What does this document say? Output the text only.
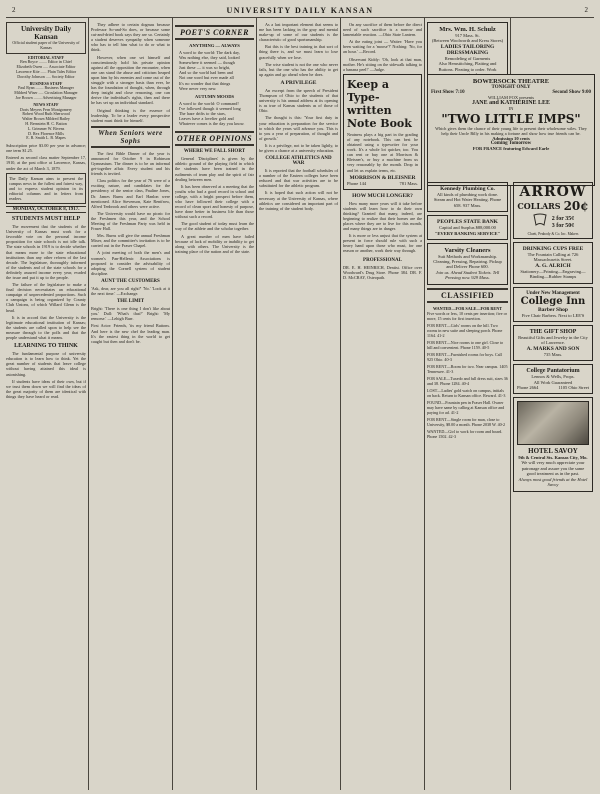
2	UNIVERSITY DAILY KANSAN	2
University Daily Kansan
Official student paper of the University of Kansas
EDITORIAL STAFF
Ben Boyce ........ Editor in Chief
Elizabeth Owen ..... Associate Editor
Lawrence Kite ...... Plain Tales Editor
Dorothy Johnson ..... Society Editor
BUSINESS STAFF
Paul Ryan ........ Business Manager
Mildred Wiser ..... Circulation Manager
Joe Brown ........ Advertising Manager
NEWS STAFF
Doris Meyers Fern Montgomery
Robert Wood Ruth Sherwood
Walter Brown Mildred Bailey
H. Bernstein H. C. Batton
L. Grimmer W. Bivens
D. Rex Florence Mills
E. R. Smith L. B. Mapes
Subscription price $3.00 per year in advance; one term $1.25.
Entered as second class matter September 17, 1910, at the post office at Lawrence, Kansas, under the act of March 3, 1879.
The Daily Kansan aims to present the campus news in the fullest and fairest way, and to express student opinion in its editorial columns and in letters from readers.
MONDAY, OCTOBER 8, 1917.
STUDENTS MUST HELP

The movement that the students of the University of Kansas must work for a favorable vote on the personal income proposition for state schools is not idle talk. The state schools in 1919 is to decide whether that means more to the state educational institutions than any other reform of the last decade. The legislature, thoroughly informed of the students and of the state schools for a definitely assured income every year, evaded the issue and put it up to the people.

The failure of the legislature to make a final decision necessitates an educational campaign of unprecedented proportions. Such a campaign is being organized by County Club Unions, of which Willard Glenn is the head.

It is in accord that the University is the legitimate educational institution of Kansas; the students are called upon to help see the measure through to the polls and that the people understand what it means.

LEARNING TO THINK

The fundamental purpose of university education is to learn how to think. Yet the great number of students that leave college without having attained this ideal is astonishing.

If students have ideas of their own, but if we trust them down we will find the ideas of the great majority of them are identical with things they have heard or read.

They adhere to certain dogmas because Professor So-and-So does, or because some cut-and-dried book says they are so. Certainly a student deserves sympathy when someone who has to tell him what to do or what to think.

However, when one set himself and conscientiously hold his private opinion against all the opposition the encounter, when one can stand the abuse and criticism heaped upon him by his enemies and come out of the struggle with a stronger basis than ever, he has the foundation of thought, when, through deep insight and close reasoning, one can derive the individual's rights, then and there he has set up an individual standard.

Original thinking is the essence of leadership. To be a leader every prospective student must think for himself.

When Seniors were Sophs

The first Bible Dinner of the year is announced for October 9 in Robinson Gymnasium. The dinner is to be an informal get-together affair. Every student and his friends is invited.

Class politics for the year of 76 were of a exciting nature, and candidates for the presidency of the senior class, Pauline Jones, Dr. James Burns and Earl Hanlon were mentioned. Alice Stevenson, Kate Rentfrow, Alfred Tenbrook and others were active.

The University would have no picnic for the Freshmen this year, and the School Meeting of the Freshman Party was held in Fraser Hall.

Mrs. Burns will give the annual Freshman Mixer, and the committee's invitation is to be carried out in the Fraser Chapel.

A joint meeting of both the men's and women's Pan-Hellenic Associations is proposed to consider the advisability of adopting the Cornell system of student discipline.

AUNT THE CUSTOMERS
'Ask, dear, are you all right?' 'No.' 'Look at it the next time.' —Exchange.
THE LIMIT
Bright: 'There is one thing I don't like about you.' Dull: 'What's that?' Bright: 'My remorse.' —Lehigh Burr.
First Actor: Friends, 'tis my friend Buttons. And here is the new chef the leading man. It's the easiest thing in the world to get caught but then and don't be.
POET'S CORNER
ANYTHING — ALWAYS
A word to the world: The dark day,
Was nothing else, they said, looked
Somewhere it seemed — though
Just these — it was so bright,
And so the world had been and
Not one word but ever made all
It's no wonder that that things
Were never very new.
AUTUMN MOODS
A word to the world: O command!
I've followed though it seemed long
The haze drifts to the stars,
Leaves have a lovelier gold and
Whatever comes is the day you know.
OTHER OPINIONS
WHERE WE FALL SHORT

General 'Disciplines' is given by the athletic ground of the playing field in which the students have been trained in the rudiments of team play and the spirit of fair dealing between men.

It has been observed at a meeting that the youths who had a good record in school and college, with a bright prospect before them, who have followed their college with a record of clean sport and honesty of purpose, have done better in business life than those without such a record.

The good student of today must learn the way of the athlete and the scholar together.

A great number of men have failed because of lack of mobility or inability to get along with others. The University is the training place of the nation and of the state.

As a last important element that seems to me has been lacking in the gray and mental make-up of some of our students is the characteristic of good sportsmanship.

But this is the best training in that sort of thing there is, and we must learn to lose gracefully when we lose.

The wise student is not the one who never fails, but the one who has the ability to get up again and go ahead when he does.

A PRIVILEGE

An excerpt from the speech of President Thompson of Ohio to the students of that university is his annual address at its opening is as true of Kansas students as of those of Ohio.

The thought is this: 'Your first duty in your education is preparation for the service to which the years will advance you. This is to you a year of preparation, of thought and of growth.'

It is a privilege, not to be taken lightly, to be given a chance at a university education.

COLLEGE ATHLETICS AND WAR

It is reported that the football schedules of a number of the Eastern colleges have been reduced and that war activities are to be substituted for the athletic program.

It is hoped that such action will not be necessary at the University of Kansas, where athletics are considered an important part of the training of the student body.

On any sacrifice of them before the direct need of such sacrifice is a narrow and lamentable reaction. —Ohio State Lantern.

At the eating joint — Waiter: 'Have you been waiting for a 'moose'?' Nothing: 'No, for an hour.' —Record.

Observant Kiddy: 'Oh, look at that man, mother. He's sitting on the sidewalk talking to a banana peel!' —Judge.

Keep a Type-written Note Book
Neatness plays a big part in the grading of any notebook. This can best be obtained using a typewriter for your work. It's a whole lot quicker, too. You can rent or buy one at Morrison & Bleisner's, or buy a machine from us very reasonably by the month. Drop in and let us explain terms, etc.
MORRISON & BLEISNER
Phone 144	781 Mass.
HOW MUCH LONGER?

How many more years will it take before students will learn how to do their own thinking? Granted that many, indeed, are beginning to realize that their homes are the places where they are to live for this month, and many things are in danger.

It is more or less unjust that the system at present in force should rule with such a heavy hand upon those who must, for one reason or another, work their way through.

PROFESSIONAL
DR. E. H. HEINRICH, Dentist. Office over Woodward's Drug Store. Phone 384. DR. F. D. McCRAY, Osteopath.
Mrs. Wm. H. Schulz
917 Mass. St.
(Between Woolworth and Kress Stores)
LADIES TAILORING DRESSMAKING
Remodeling of Garments
Also Hemstitching, Plaiting and Buttons. Pleating to order. Work
BOWERSOCK THEATRE
TONIGHT ONLY
First Show 7:10	Second Show 9:00
WILLIAM FOX presents
JANE and KATHERINE LEE
IN
"TWO LITTLE IMPS"
Which gives them the chance of their young life to present their wholesome wiles. They help their Uncle Billy in his making a fortune and show how true friends can be.
Admission 10 cents
Coming Tomorrow
FOR FRANCE featuring Edward Earle
Kennedy Plumbing Co.
All kinds of plumbing work done. Steam and Hot Water Heating. Phone 658. 937 Mass.
PEOPLES STATE BANK
Capital and Surplus $88,000.00
"EVERY BANKING SERVICE"
Varsity Cleaners
Suit Methods and Workmanship. Cleaning, Pressing, Repairing. Pickup and Deliver Phone 600.
Join us. Ahead Student Tickets. Tell Pressing now. 929 Mass.
CLASSIFIED
WANTED—FOR SALE—FOR RENT
Five words or less, 10 cents per insertion; five or more, 15 cents for first insertion.
FOR RENT—Girls' rooms on the hill. Two rooms in new suite and sleeping porch. Phone 1164. 41-2
FOR RENT—Nice rooms to one girl. Close to hill and convenient. Phone 1159. 40-5
FOR RENT—Furnished rooms for boys. Call 925 Ohio. 40-3
FOR RENT—Room for two. Near campus. 1405 Tennessee. 41-3
FOR SALE—Tuxedo and full dress suit, sizes 36 and 38. Phone 1284. 40-4
LOST—Ladies' gold watch on campus, initials on back. Return to Kansan office. Reward. 41-3
FOUND—Fountain pen in Fraser Hall. Owner may have same by calling at Kansan office and paying for ad. 41-2
FOR RENT—Single room for man, close to University, $8.00 a month. Phone 2038 W. 40-2
WANTED—Girl to work for room and board. Phone 1502. 42-3
ARROW
COLLARS 20¢
2 for 35¢
3 for 50¢
Cluett, Peabody & Co. Inc. Makers
DRINKING CUPS FREE
The Fountain Calling at 726 Massachusetts Street.
A. G. ALRICH
Stationery—Printing—Engraving—Binding—Rubber Stamps
Under New Management
College Inn
Barber Shop
Five Chair Barbers. Next to LEE'S
THE GIFT SHOP
Beautiful Gifts and Jewelry in the City of Lawrence.
A. MARKS AND SON
735 Mass.
College Pantatorium
Lennox & Wells, Props.
All Work Guaranteed
Phone 2664	1105 Ohio Street
HOTEL SAVOY
9th & Central Sts. Kansas City, Mo.
We will very much appreciate your patronage and assure you the same good treatment as in the past.
Always most good friends at the Hotel Savoy
